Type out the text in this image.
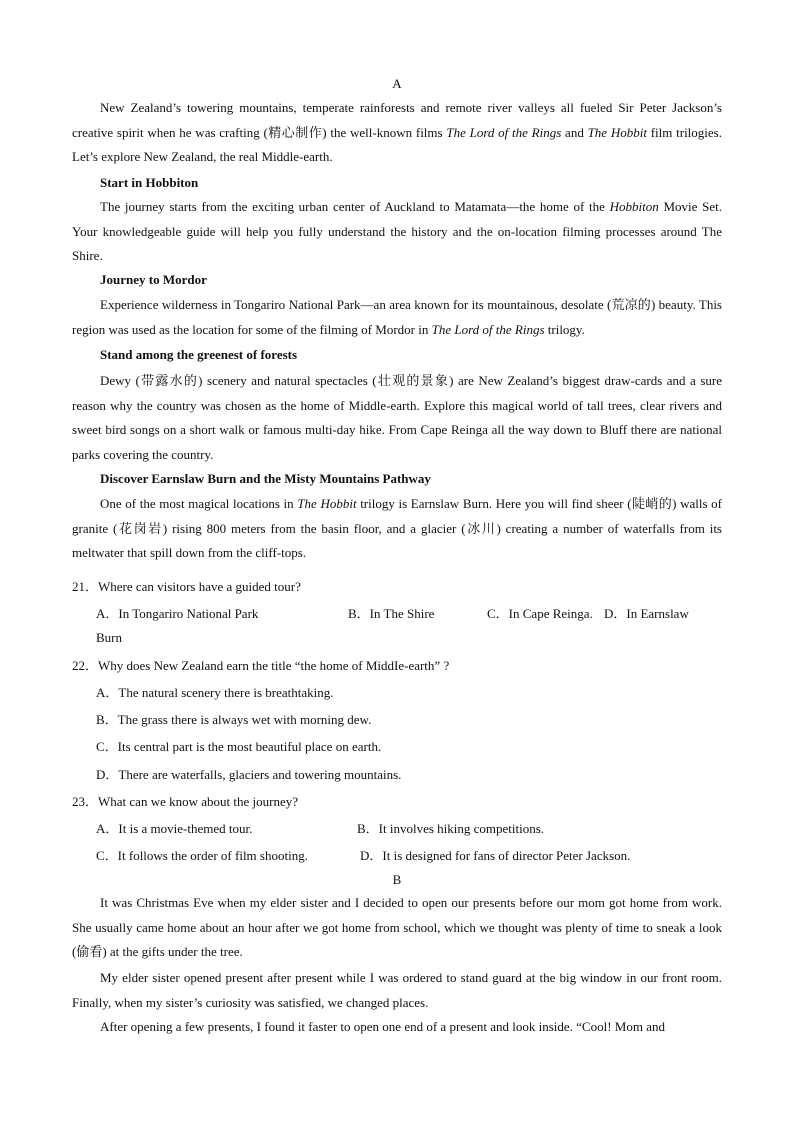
A

New Zealand’s towering mountains, temperate rainforests and remote river valleys all fueled Sir Peter Jackson’s creative spirit when he was crafting (精心制作) the well-known films The Lord of the Rings and The Hobbit film trilogies. Let’s explore New Zealand, the real Middle-earth.

Start in Hobbiton

The journey starts from the exciting urban center of Auckland to Matamata—the home of the Hobbiton Movie Set. Your knowledgeable guide will help you fully understand the history and the on-location filming processes around The Shire.

Journey to Mordor

Experience wilderness in Tongariro National Park—an area known for its mountainous, desolate (荒凉的) beauty. This region was used as the location for some of the filming of Mordor in The Lord of the Rings trilogy.

Stand among the greenest of forests

Dewy (带露水的) scenery and natural spectacles (壮观的景象) are New Zealand’s biggest draw-cards and a sure reason why the country was chosen as the home of Middle-earth. Explore this magical world of tall trees, clear rivers and sweet bird songs on a short walk or famous multi-day hike. From Cape Reinga all the way down to Bluff there are national parks covering the country.

Discover Earnslaw Burn and the Misty Mountains Pathway

One of the most magical locations in The Hobbit trilogy is Earnslaw Burn. Here you will find sheer (陡峭的) walls of granite (花岗岩) rising 800 meters from the basin floor, and a glacier (冰川) creating a number of waterfalls from its meltwater that spill down from the cliff-tops.

21．Where can visitors have a guided tour?
A．In Tongariro National Park	B．In The Shire	C．In Cape Reinga. D．In Earnslaw
Burn
22．Why does New Zealand earn the title “the home of MiddIe-earth” ?
A．The natural scenery there is breathtaking.
B．The grass there is always wet with morning dew.
C．Its central part is the most beautiful place on earth.
D．There are waterfalls, glaciers and towering mountains.
23．What can we know about the journey?
A．It is a movie-themed tour.	B．It involves hiking competitions.
C．It follows the order of film shooting.	D．It is designed for fans of director Peter Jackson.
B

It was Christmas Eve when my elder sister and I decided to open our presents before our mom got home from work. She usually came home about an hour after we got home from school, which we thought was plenty of time to sneak a look (偷看) at the gifts under the tree.

My elder sister opened present after present while I was ordered to stand guard at the big window in our front room. Finally, when my sister’s curiosity was satisfied, we changed places.

After opening a few presents, I found it faster to open one end of a present and look inside. “Cool! Mom and
